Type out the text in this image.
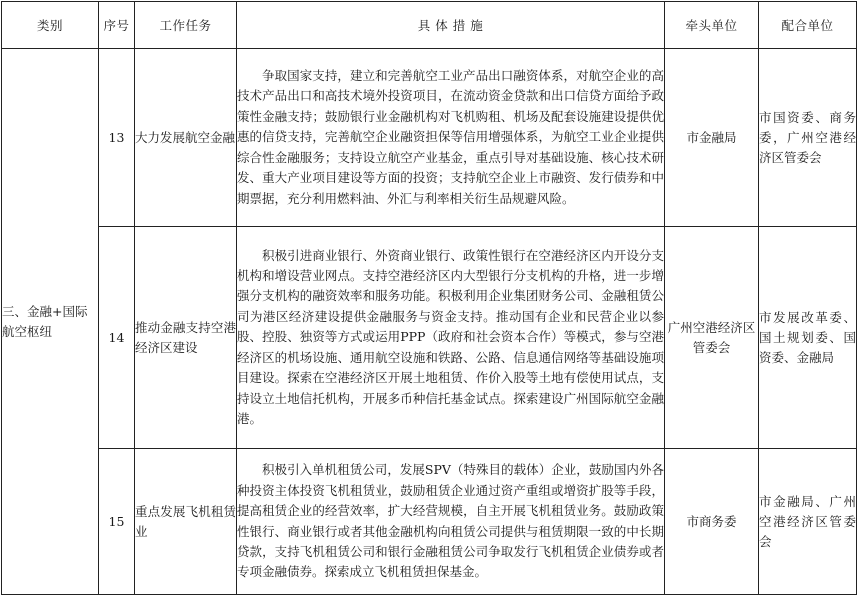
类别	序号	工作任务	具 体 措 施	牵头单位	配合单位
三、金融+国际航空枢纽	13	大力发展航空金融	争取国家支持，建立和完善航空工业产品出口融资体系，对航空企业的高技术产品出口和高技术境外投资项目，在流动资金贷款和出口信贷方面给予政策性金融支持；鼓励银行业金融机构对飞机购租、机场及配套设施建设提供优惠的信贷支持，完善航空企业融资担保等信用增强体系，为航空工业企业提供综合性金融服务；支持设立航空产业基金，重点引导对基础设施、核心技术研发、重大产业项目建设等方面的投资；支持航空企业上市融资、发行债券和中期票据，充分利用燃料油、外汇与利率相关衍生品规避风险。	市金融局	市国资委、商务委，广州空港经济区管委会
	14	推动金融支持空港经济区建设	积极引进商业银行、外资商业银行、政策性银行在空港经济区内开设分支机构和增设营业网点。支持空港经济区内大型银行分支机构的升格，进一步增强分支机构的融资效率和服务功能。积极利用企业集团财务公司、金融租赁公司为港区经济建设提供金融服务与资金支持。推动国有企业和民营企业以参股、控股、独资等方式或运用PPP（政府和社会资本合作）等模式，参与空港经济区的机场设施、通用航空设施和铁路、公路、信息通信网络等基础设施项目建设。探索在空港经济区开展土地租赁、作价入股等土地有偿使用试点，支持设立土地信托机构，开展多币种信托基金试点。探索建设广州国际航空金融港。	广州空港经济区管委会	市发展改革委、国土规划委、国资委、金融局
	15	重点发展飞机租赁业	积极引入单机租赁公司，发展SPV（特殊目的载体）企业，鼓励国内外各种投资主体投资飞机租赁业，鼓励租赁企业通过资产重组或增资扩股等手段，提高租赁企业的经营效率，扩大经营规模，自主开展飞机租赁业务。鼓励政策性银行、商业银行或者其他金融机构向租赁公司提供与租赁期限一致的中长期贷款，支持飞机租赁公司和银行金融租赁公司争取发行飞机租赁企业债券或者专项金融债券。探索成立飞机租赁担保基金。	市商务委	市金融局、广州空港经济区管委会
